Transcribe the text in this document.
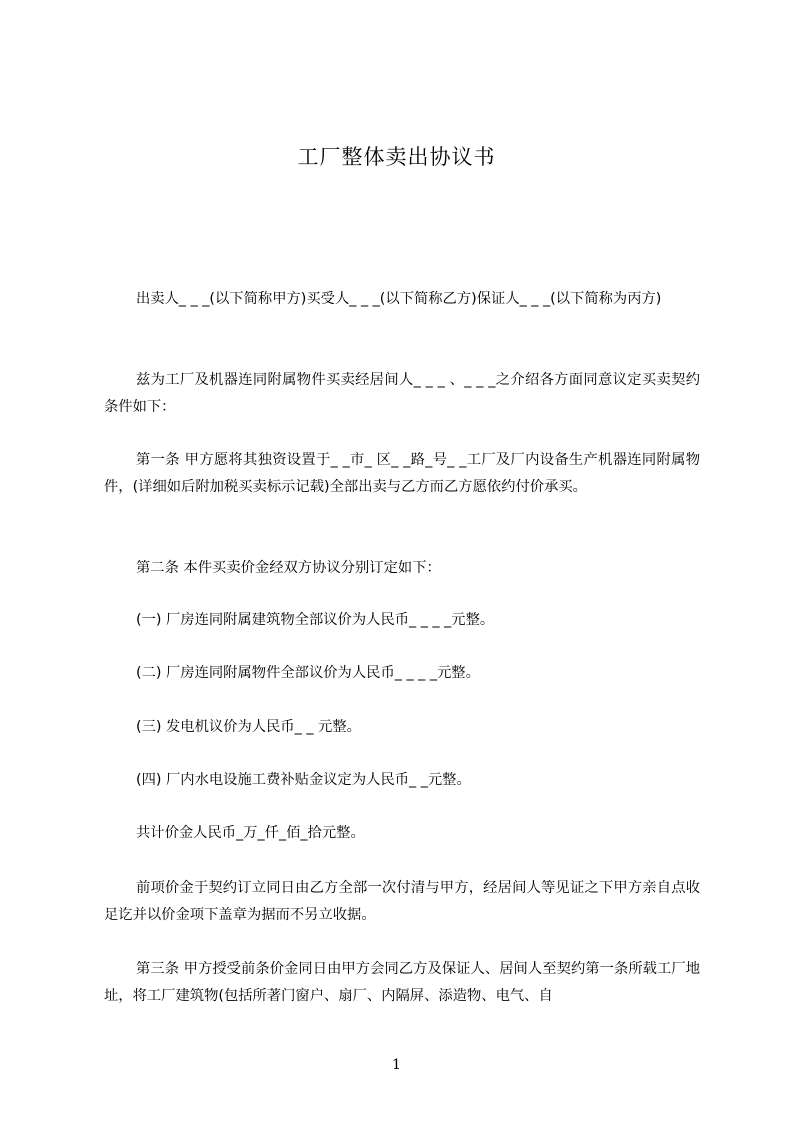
工厂整体卖出协议书
出卖人_ _ _(以下简称甲方)买受人_ _ _(以下简称乙方)保证人_ _ _(以下简称为丙方)
兹为工厂及机器连同附属物件买卖经居间人_ _ _ 、_ _ _之介绍各方面同意议定买卖契约条件如下：
第一条 甲方愿将其独资设置于_ _市_ 区_ _路_号_ _工厂及厂内设备生产机器连同附属物件，(详细如后附加税买卖标示记载)全部出卖与乙方而乙方愿依约付价承买。
第二条 本件买卖价金经双方协议分别订定如下：
(一) 厂房连同附属建筑物全部议价为人民币_ _ _ _元整。
(二) 厂房连同附属物件全部议价为人民币_ _ _ _元整。
(三) 发电机议价为人民币_ _ 元整。
(四) 厂内水电设施工费补贴金议定为人民币_ _元整。
共计价金人民币_万_仟_佰_拾元整。
前项价金于契约订立同日由乙方全部一次付清与甲方，经居间人等见证之下甲方亲自点收足讫并以价金项下盖章为据而不另立收据。
第三条 甲方授受前条价金同日由甲方会同乙方及保证人、居间人至契约第一条所载工厂地址，将工厂建筑物(包括所著门窗户、扇厂、内隔屏、添造物、电气、自
1
